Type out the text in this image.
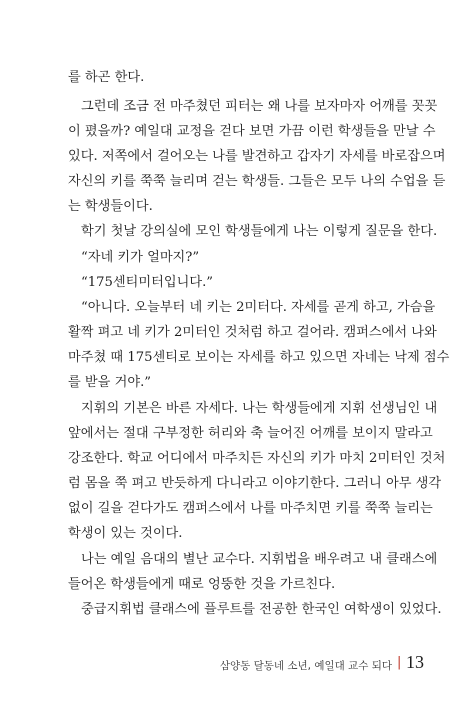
를 하곤 한다.
그런데 조금 전 마주쳤던 피터는 왜 나를 보자마자 어깨를 꼿꼿
이 폈을까? 예일대 교정을 걷다 보면 가끔 이런 학생들을 만날 수
있다. 저쪽에서 걸어오는 나를 발견하고 갑자기 자세를 바로잡으며
자신의 키를 쭉쭉 늘리며 걷는 학생들. 그들은 모두 나의 수업을 듣
는 학생들이다.
학기 첫날 강의실에 모인 학생들에게 나는 이렇게 질문을 한다.
“자네 키가 얼마지?”
“175센티미터입니다.”
“아니다. 오늘부터 네 키는 2미터다. 자세를 곧게 하고, 가슴을
활짝 펴고 네 키가 2미터인 것처럼 하고 걸어라. 캠퍼스에서 나와
마주쳤 때 175센티로 보이는 자세를 하고 있으면 자네는 낙제 점수
를 받을 거야.”
지휘의 기본은 바른 자세다. 나는 학생들에게 지휘 선생님인 내
앞에서는 절대 구부정한 허리와 축 늘어진 어깨를 보이지 말라고
강조한다. 학교 어디에서 마주치든 자신의 키가 마치 2미터인 것처
럼 몸을 쭉 펴고 반듯하게 다니라고 이야기한다. 그러니 아무 생각
없이 길을 걷다가도 캠퍼스에서 나를 마주치면 키를 쭉쭉 늘리는
학생이 있는 것이다.
나는 예일 음대의 별난 교수다. 지휘법을 배우려고 내 클래스에
들어온 학생들에게 때로 엉뚱한 것을 가르친다.
중급지휘법 클래스에 플루트를 전공한 한국인 여학생이 있었다.
삼양동 달동네 소년, 예일대 교수 되다 | 13
